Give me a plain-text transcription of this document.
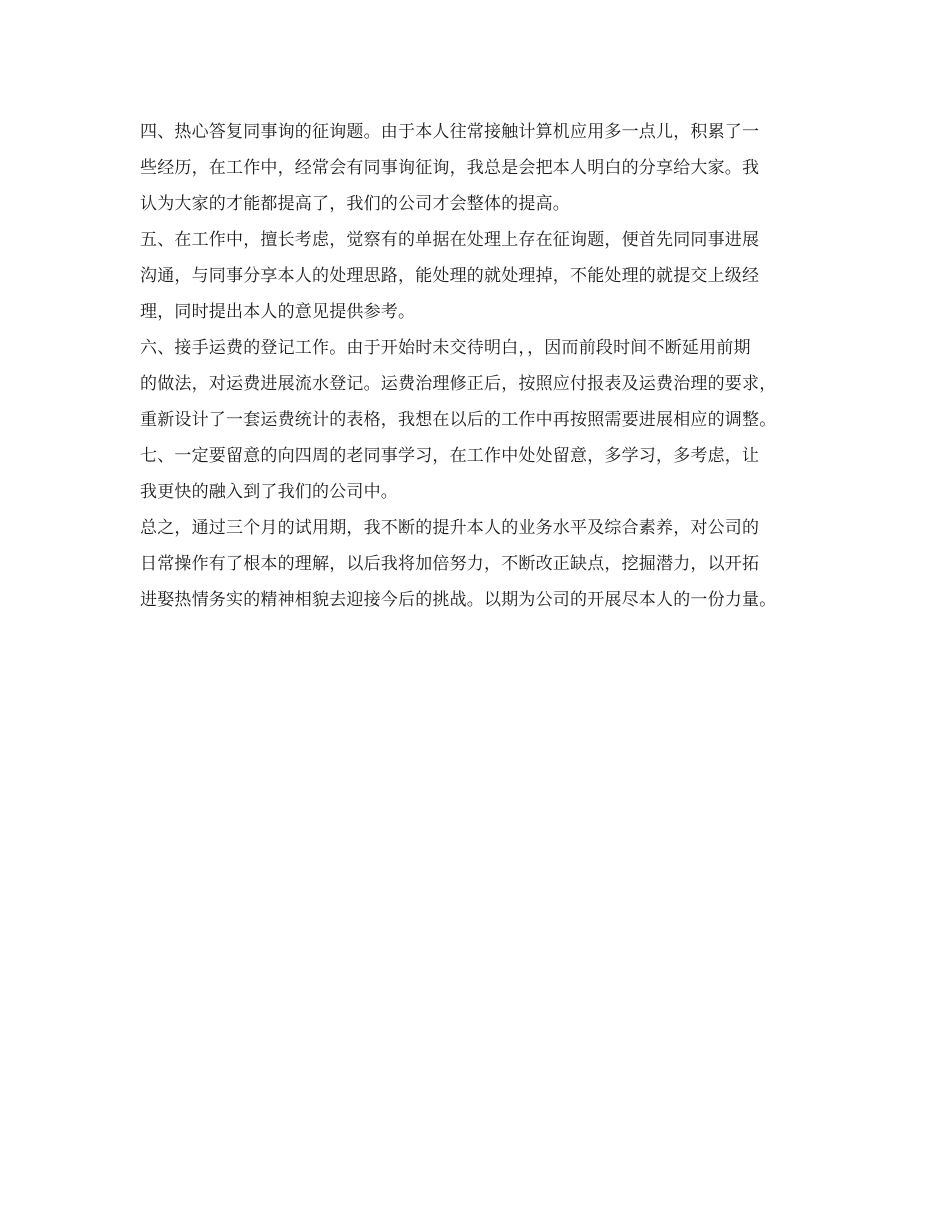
四、热心答复同事询的征询题。由于本人往常接触计算机应用多一点儿，积累了一
些经历，在工作中，经常会有同事询征询，我总是会把本人明白的分享给大家。我
认为大家的才能都提高了，我们的公司才会整体的提高。

五、在工作中，擅长考虑，觉察有的单据在处理上存在征询题，便首先同同事进展
沟通，与同事分享本人的处理思路，能处理的就处理掉，不能处理的就提交上级经
理，同时提出本人的意见提供参考。

六、接手运费的登记工作。由于开始时未交待明白，，因而前段时间不断延用前期
的做法，对运费进展流水登记。运费治理修正后，按照应付报表及运费治理的要求，
重新设计了一套运费统计的表格，我想在以后的工作中再按照需要进展相应的调整。

七、一定要留意的向四周的老同事学习，在工作中处处留意，多学习，多考虑，让
我更快的融入到了我们的公司中。

总之，通过三个月的试用期，我不断的提升本人的业务水平及综合素养，对公司的
日常操作有了根本的理解，以后我将加倍努力，不断改正缺点，挖掘潜力，以开拓
进娶热情务实的精神相貌去迎接今后的挑战。以期为公司的开展尽本人的一份力量。
